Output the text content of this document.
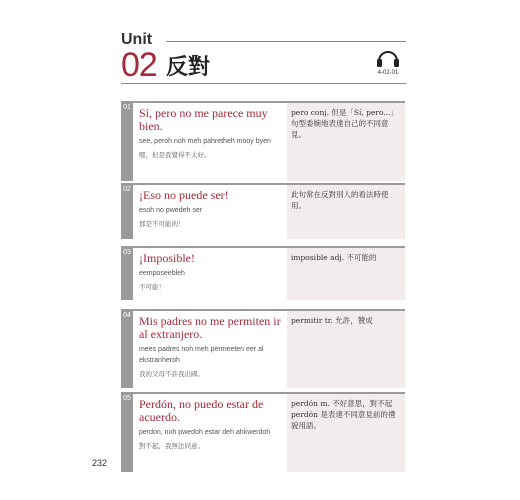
Unit
02 反對	4-02-01
01 Sí, pero no me parece muy bien.
see, peroh noh meh pahretheh mooy byen
嗯，但是我覺得不太好。
pero conj. 但是「Sí, pero...」句型委婉地表達自己的不同意見。
02 ¡Eso no puede ser!
esoh no pwedeh ser
那是不可能的！
此句常在反對別人的看法時使用。
03 ¡Imposible!
eemposeebleh
不可能！
imposible adj. 不可能的
04 Mis padres no me permiten ir al extranjero.
mees padres noh meh permeeten eer al ekstranheroh
我的父母不許我出國。
permitir tr. 允許，贊成
05 Perdón, no puedo estar de acuerdo.
perdon, noh pwedoh estar deh ahkwerdoh
對不起，我無法同意。
perdón m. 不好意思，對不起 perdón 是表達不同意見前的禮貌用語。
232
